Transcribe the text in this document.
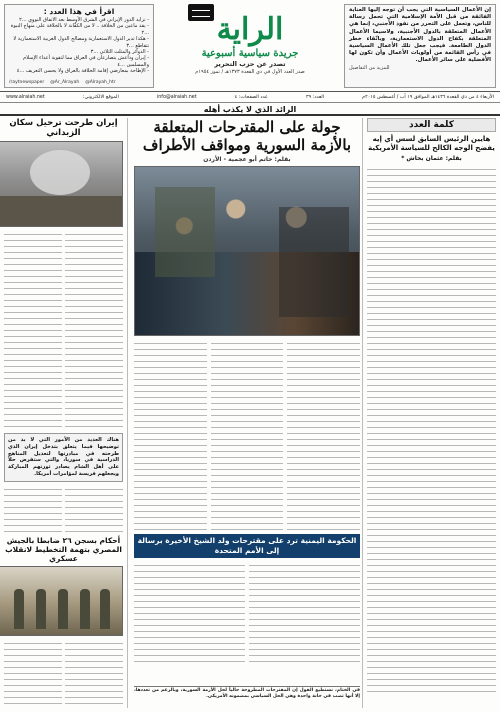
اقرأ في هذا العدد :
- تزايد الدور الإيراني في الشرق الأوسط بعد الاتفاق النووي ...٢
- يقد ماعين من الخلافة .. لا من الكفّانة لا بالخلافة على منهاج النبوة ...٢
- هكذا تدير الدول الاستعمارية ومصالح الدول الغربية الاستعمارية لا تتقاطع ...٣
- الدوائر والمثلث الثلاثي ...٣
- إيران وداعش يتصارعان في العراق مما لتقوية أعداء الإسلام والمسلمين ...٤
- الإطاحة بمعارضي إقامة الخلافة بالعراق ولا يحسن التعريف ...٤
/raytnewspaper @Ar_Alrayah @Alrayah_htr
الراية
جريدة سياسية أسبوعية
تصدر عن حزب التحرير
صدر العدد الأول في ذي القعدة ١٣٧٣هـ / تموز ١٩٥٤م

إن الأعمال السياسية التي يجب أن توجه إليها العناية الفائقة من قبل الأمة الإسلامية التي تحمل رسالة للناس، وتعمل على التحرر من نفوذ الأجنبي، إنما هي الأعمال المتعلقة بالدول الأجنبية، ولاسيما الأعمال المتعلقة بكفاح الدول الاستعمارية، وباتّقاء خطر الدول الطامعة. فيجب جعل تلك الأعمال السياسية في رأس القائمة من أولويات الأعمال وأن تكون لها الأفضلية على سائر الأعمال.

للمزيد من التفاصيل
الأربعاء ٤ من ذي القعدة ١٤٣٦هـ الموافق ١٩ آب / أغسطس ٢٠١٥م
العدد: ٣٩
عدد الصفحات: ٤
info@alraiah.net
الموقع الالكتروني:
www.alraiah.net
الرائد الذي لا يكذب أهله
كلمة العدد
هايين الرئيس السابق لسس أي إيه يفضح الوجه الكالح للسياسة الأمريكية
بقلم: عثمان بخاش *
جولة على المقترحات المتعلقة بالأزمة السورية ومواقف الأطراف
بقلم: حاتم أبو عجمية - الأردن
الحكومة اليمنية ترد على مقترحات ولد الشيخ الأخيرة برسالة إلى الأمم المتحدة

في الختام، نستطيع القول إن المقترحات المطروحة حالياً لحل الأزمة السورية، وبالرغم من تعددها، إلا أنها تصب في خانة واحدة وهي الحل السياسي بمضمونه الأمريكي.

إيران طرحت ترحيل سكان الزبداني

هناك العديد من الأمور التي لا بد من توضيحها فيما يتعلق بتدخل إيران الذي طرحته في مبادرتها لتعديل المناهج الدراسية في سوريا، والتي ستفرض حلاً على أهل الشام يصادر ثورتهم المباركة ويجعلهم فريسة لمؤامرات أمريكا.

أحكام بسجن ٢٦ ضابطا بالجيش المصري بتهمة التخطيط لانقلاب عسكري
